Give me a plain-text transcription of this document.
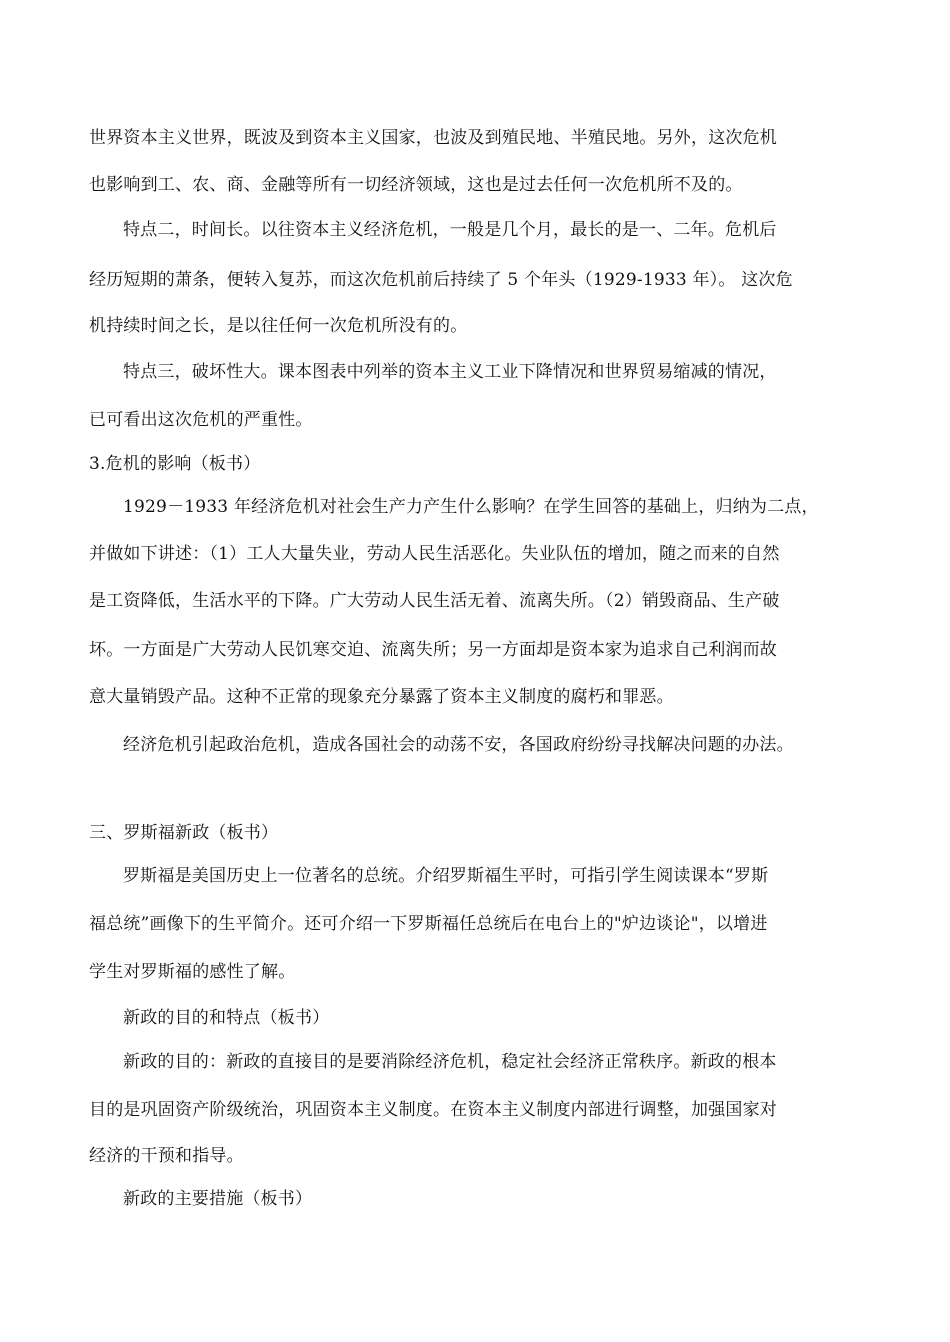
世界资本主义世界，既波及到资本主义国家，也波及到殖民地、半殖民地。另外，这次危机
也影响到工、农、商、金融等所有一切经济领域，这也是过去任何一次危机所不及的。
特点二，时间长。以往资本主义经济危机，一般是几个月，最长的是一、二年。危机后
经历短期的萧条，便转入复苏，而这次危机前后持续了 5 个年头（1929-1933 年）。 这次危
机持续时间之长，是以往任何一次危机所没有的。
特点三，破坏性大。课本图表中列举的资本主义工业下降情况和世界贸易缩减的情况，
已可看出这次危机的严重性。
3.危机的影响（板书）
1929－1933 年经济危机对社会生产力产生什么影响？在学生回答的基础上，归纳为二点，
并做如下讲述：（1）工人大量失业，劳动人民生活恶化。失业队伍的增加，随之而来的自然
是工资降低，生活水平的下降。广大劳动人民生活无着、流离失所。（2）销毁商品、生产破
坏。一方面是广大劳动人民饥寒交迫、流离失所；另一方面却是资本家为追求自己利润而故
意大量销毁产品。这种不正常的现象充分暴露了资本主义制度的腐朽和罪恶。
经济危机引起政治危机，造成各国社会的动荡不安，各国政府纷纷寻找解决问题的办法。
三、罗斯福新政（板书）
罗斯福是美国历史上一位著名的总统。介绍罗斯福生平时，可指引学生阅读课本“罗斯
福总统”画像下的生平简介。还可介绍一下罗斯福任总统后在电台上的"炉边谈论"，以增进
学生对罗斯福的感性了解。
新政的目的和特点（板书）
新政的目的：新政的直接目的是要消除经济危机，稳定社会经济正常秩序。新政的根本
目的是巩固资产阶级统治，巩固资本主义制度。在资本主义制度内部进行调整，加强国家对
经济的干预和指导。
新政的主要措施（板书）
